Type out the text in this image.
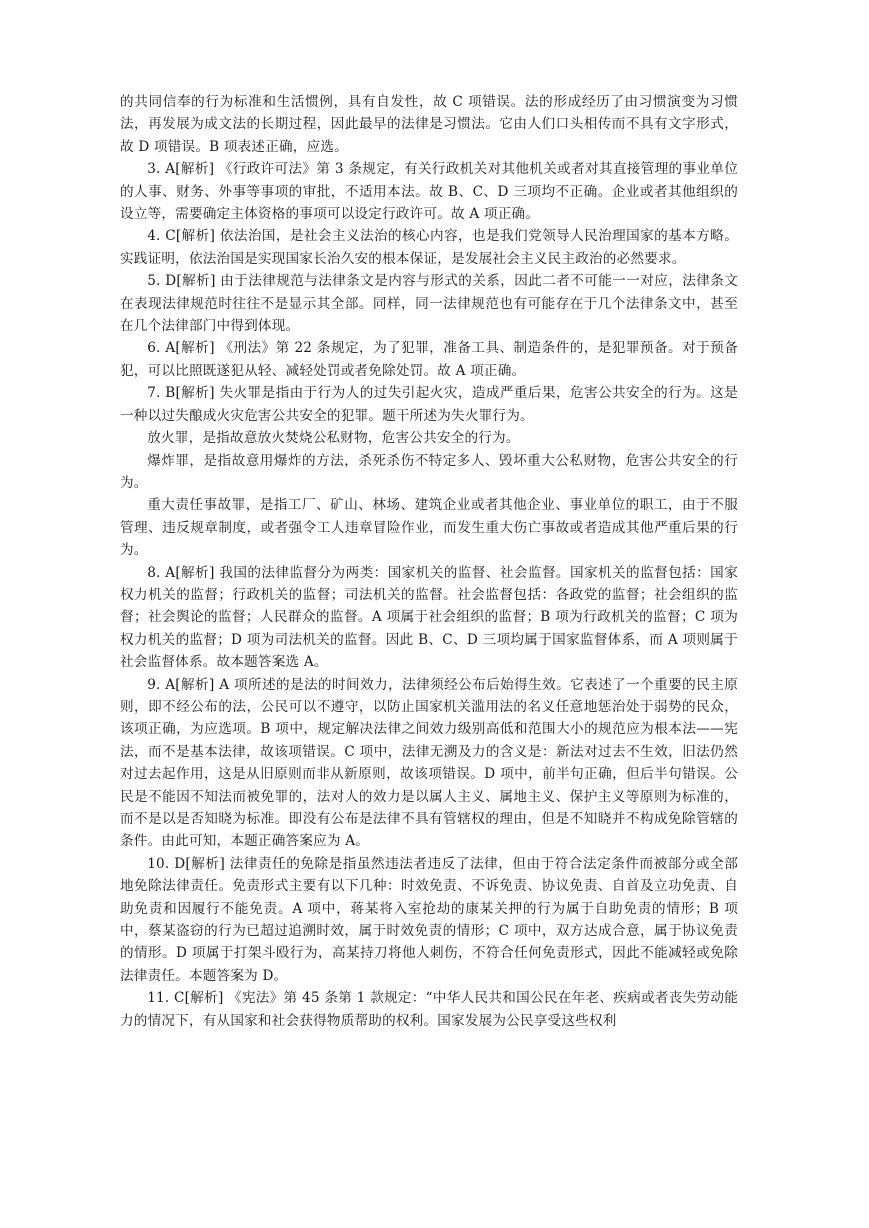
的共同信奉的行为标准和生活惯例，具有自发性，故 C 项错误。法的形成经历了由习惯演变为习惯法，再发展为成文法的长期过程，因此最早的法律是习惯法。它由人们口头相传而不具有文字形式，故 D 项错误。B 项表述正确，应选。

3. A[解析] 《行政许可法》第 3 条规定，有关行政机关对其他机关或者对其直接管理的事业单位的人事、财务、外事等事项的审批，不适用本法。故 B、C、D 三项均不正确。企业或者其他组织的设立等，需要确定主体资格的事项可以设定行政许可。故 A 项正确。

4. C[解析] 依法治国，是社会主义法治的核心内容，也是我们党领导人民治理国家的基本方略。实践证明，依法治国是实现国家长治久安的根本保证，是发展社会主义民主政治的必然要求。

5. D[解析] 由于法律规范与法律条文是内容与形式的关系，因此二者不可能一一对应，法律条文在表现法律规范时往往不是显示其全部。同样，同一法律规范也有可能存在于几个法律条文中，甚至在几个法律部门中得到体现。

6. A[解析] 《刑法》第 22 条规定，为了犯罪，准备工具、制造条件的，是犯罪预备。对于预备犯，可以比照既遂犯从轻、减轻处罚或者免除处罚。故 A 项正确。

7. B[解析] 失火罪是指由于行为人的过失引起火灾，造成严重后果，危害公共安全的行为。这是一种以过失酿成火灾危害公共安全的犯罪。题干所述为失火罪行为。

放火罪，是指故意放火焚烧公私财物，危害公共安全的行为。

爆炸罪，是指故意用爆炸的方法，杀死杀伤不特定多人、毁坏重大公私财物，危害公共安全的行为。

重大责任事故罪，是指工厂、矿山、林场、建筑企业或者其他企业、事业单位的职工，由于不服管理、违反规章制度，或者强令工人违章冒险作业，而发生重大伤亡事故或者造成其他严重后果的行为。

8. A[解析] 我国的法律监督分为两类：国家机关的监督、社会监督。国家机关的监督包括：国家权力机关的监督；行政机关的监督；司法机关的监督。社会监督包括：各政党的监督；社会组织的监督；社会舆论的监督；人民群众的监督。A 项属于社会组织的监督；B 项为行政机关的监督；C 项为权力机关的监督；D 项为司法机关的监督。因此 B、C、D 三项均属于国家监督体系，而 A 项则属于社会监督体系。故本题答案选 A。

9. A[解析] A 项所述的是法的时间效力，法律须经公布后始得生效。它表述了一个重要的民主原则，即不经公布的法，公民可以不遵守，以防止国家机关滥用法的名义任意地惩治处于弱势的民众，该项正确，为应选项。B 项中，规定解决法律之间效力级别高低和范围大小的规范应为根本法——宪法，而不是基本法律，故该项错误。C 项中，法律无溯及力的含义是：新法对过去不生效，旧法仍然对过去起作用，这是从旧原则而非从新原则，故该项错误。D 项中，前半句正确，但后半句错误。公民是不能因不知法而被免罪的，法对人的效力是以属人主义、属地主义、保护主义等原则为标准的，而不是以是否知晓为标准。即没有公布是法律不具有管辖权的理由，但是不知晓并不构成免除管辖的条件。由此可知，本题正确答案应为 A。

10. D[解析] 法律责任的免除是指虽然违法者违反了法律，但由于符合法定条件而被部分或全部地免除法律责任。免责形式主要有以下几种：时效免责、不诉免责、协议免责、自首及立功免责、自助免责和因履行不能免责。A 项中，蒋某将入室抢劫的康某关押的行为属于自助免责的情形；B 项中，蔡某盗窃的行为已超过追溯时效，属于时效免责的情形；C 项中，双方达成合意，属于协议免责的情形。D 项属于打架斗殴行为，高某持刀将他人刺伤，不符合任何免责形式，因此不能减轻或免除法律责任。本题答案为 D。

11. C[解析] 《宪法》第 45 条第 1 款规定：“中华人民共和国公民在年老、疾病或者丧失劳动能力的情况下，有从国家和社会获得物质帮助的权利。国家发展为公民享受这些权利
